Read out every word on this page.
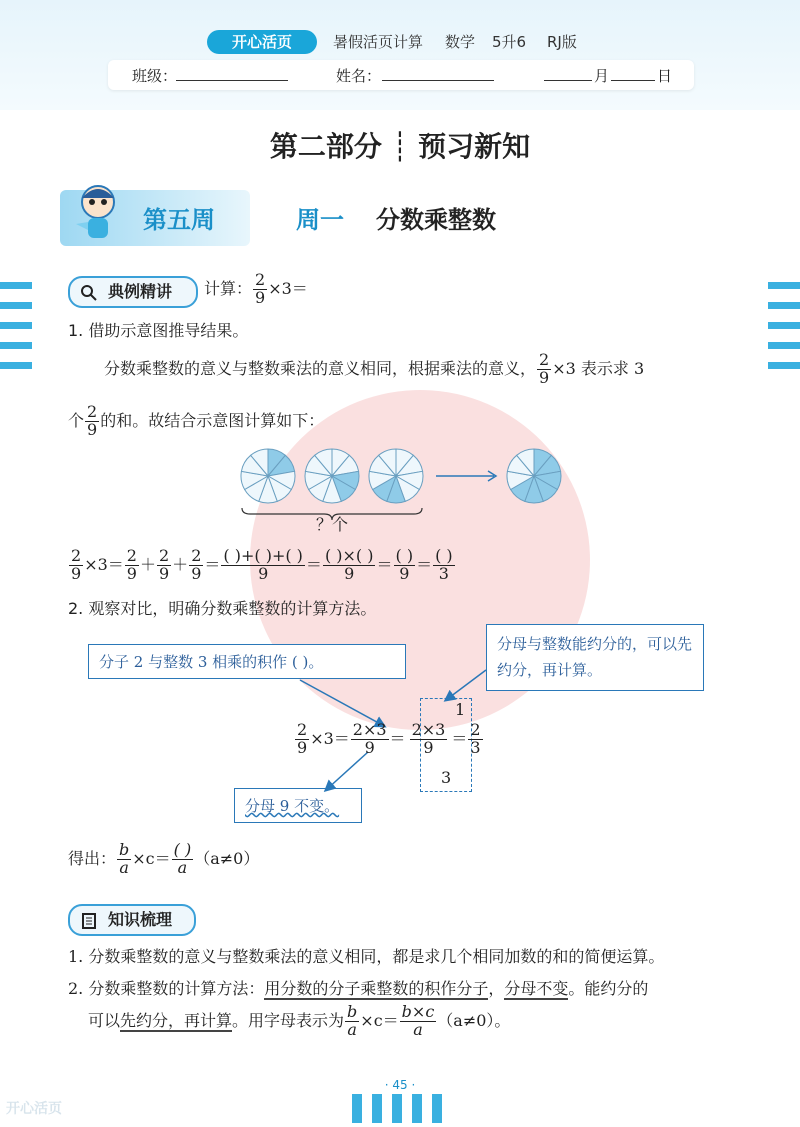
开心活页	暑假活页计算 数学 5升6 RJ版
班级：	姓名：	月	日
第二部分 ┊ 预习新知
第五周	周一 分数乘整数
典例精讲 计算： $\frac{2}{9} \times 3=$
1. 借助示意图推导结果。
分数乘整数的意义与整数乘法的意义相同，根据乘法的意义， $\frac{2}{9} \times 3$ 表示求 3
个 $\frac{2}{9}$ 的和。故结合示意图计算如下：
？个
$\frac{2}{9} \times 3= \frac{2}{9} + \frac{2}{9} + \frac{2}{9} = \frac{( )+( )+( )}{9} = \frac{( )\times( )}{9} = \frac{( )}{9} = \frac{( )}{3}$
2. 观察对比，明确分数乘整数的计算方法。
分子 2 与整数 3 相乘的积作 ( )。
分母与整数能约分的，可以先约分，再计算。
分母 9 不变。
$\frac{2}{9} \times 3= \frac{2\times 3}{9} = \frac{2\times 3}{9} = \frac{2}{3}$
1
3
得出： $\frac{b}{a} \times c= \frac{( )}{a} (a\ne 0)$
知识梳理
1. 分数乘整数的意义与整数乘法的意义相同，都是求几个相同加数的和的简便运算。
2. 分数乘整数的计算方法：用分数的分子乘整数的积作分子，分母不变。能约分的
可以先约分，再计算。用字母表示为 $\frac{b}{a} \times c= \frac{b\times c}{a} (a\ne 0)$。
· 45 ·
开心活页
